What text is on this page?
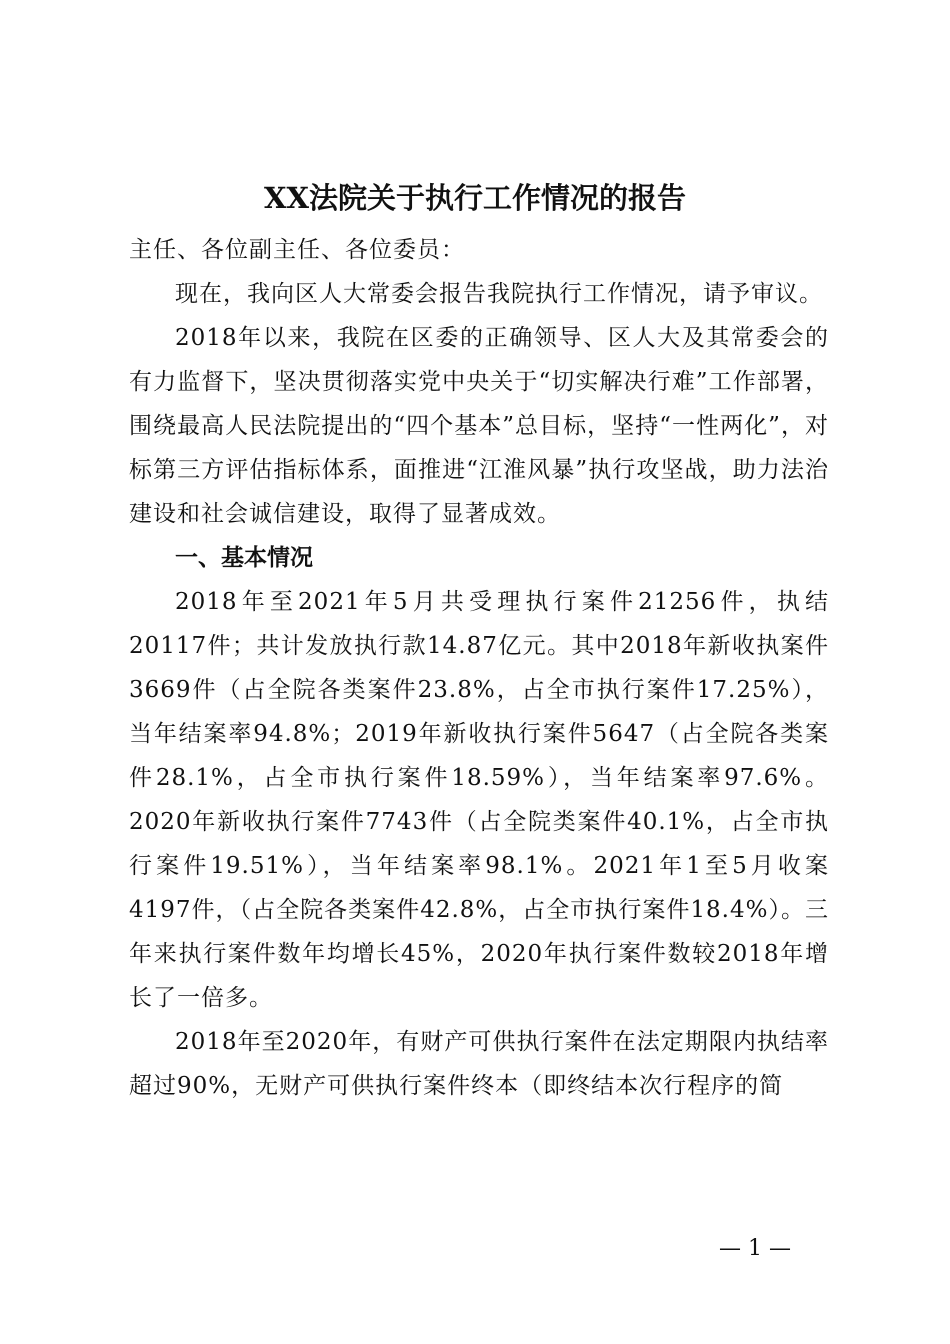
XX法院关于执行工作情况的报告

主任、各位副主任、各位委员：

现在，我向区人大常委会报告我院执行工作情况，请予审议。

2018年以来，我院在区委的正确领导、区人大及其常委会的有力监督下，坚决贯彻落实党中央关于“切实解决行难”工作部署，围绕最高人民法院提出的“四个基本”总目标，坚持“一性两化”，对标第三方评估指标体系，面推进“江淮风暴”执行攻坚战，助力法治建设和社会诚信建设，取得了显著成效。

一、基本情况

2018年至2021年5月共受理执行案件21256件，执结20117件；共计发放执行款14.87亿元。其中2018年新收执案件3669件（占全院各类案件23.8%，占全市执行案件17.25%），当年结案率94.8%；2019年新收执行案件5647（占全院各类案件28.1%，占全市执行案件18.59%），当年结案率97.6%。2020年新收执行案件7743件（占全院类案件40.1%，占全市执行案件19.51%），当年结案率98.1%。2021年1至5月收案4197件，（占全院各类案件42.8%，占全市执行案件18.4%）。三年来执行案件数年均增长45%，2020年执行案件数较2018年增长了一倍多。

2018年至2020年，有财产可供执行案件在法定期限内执结率超过90%，无财产可供执行案件终本（即终结本次行程序的简

— 1 —
